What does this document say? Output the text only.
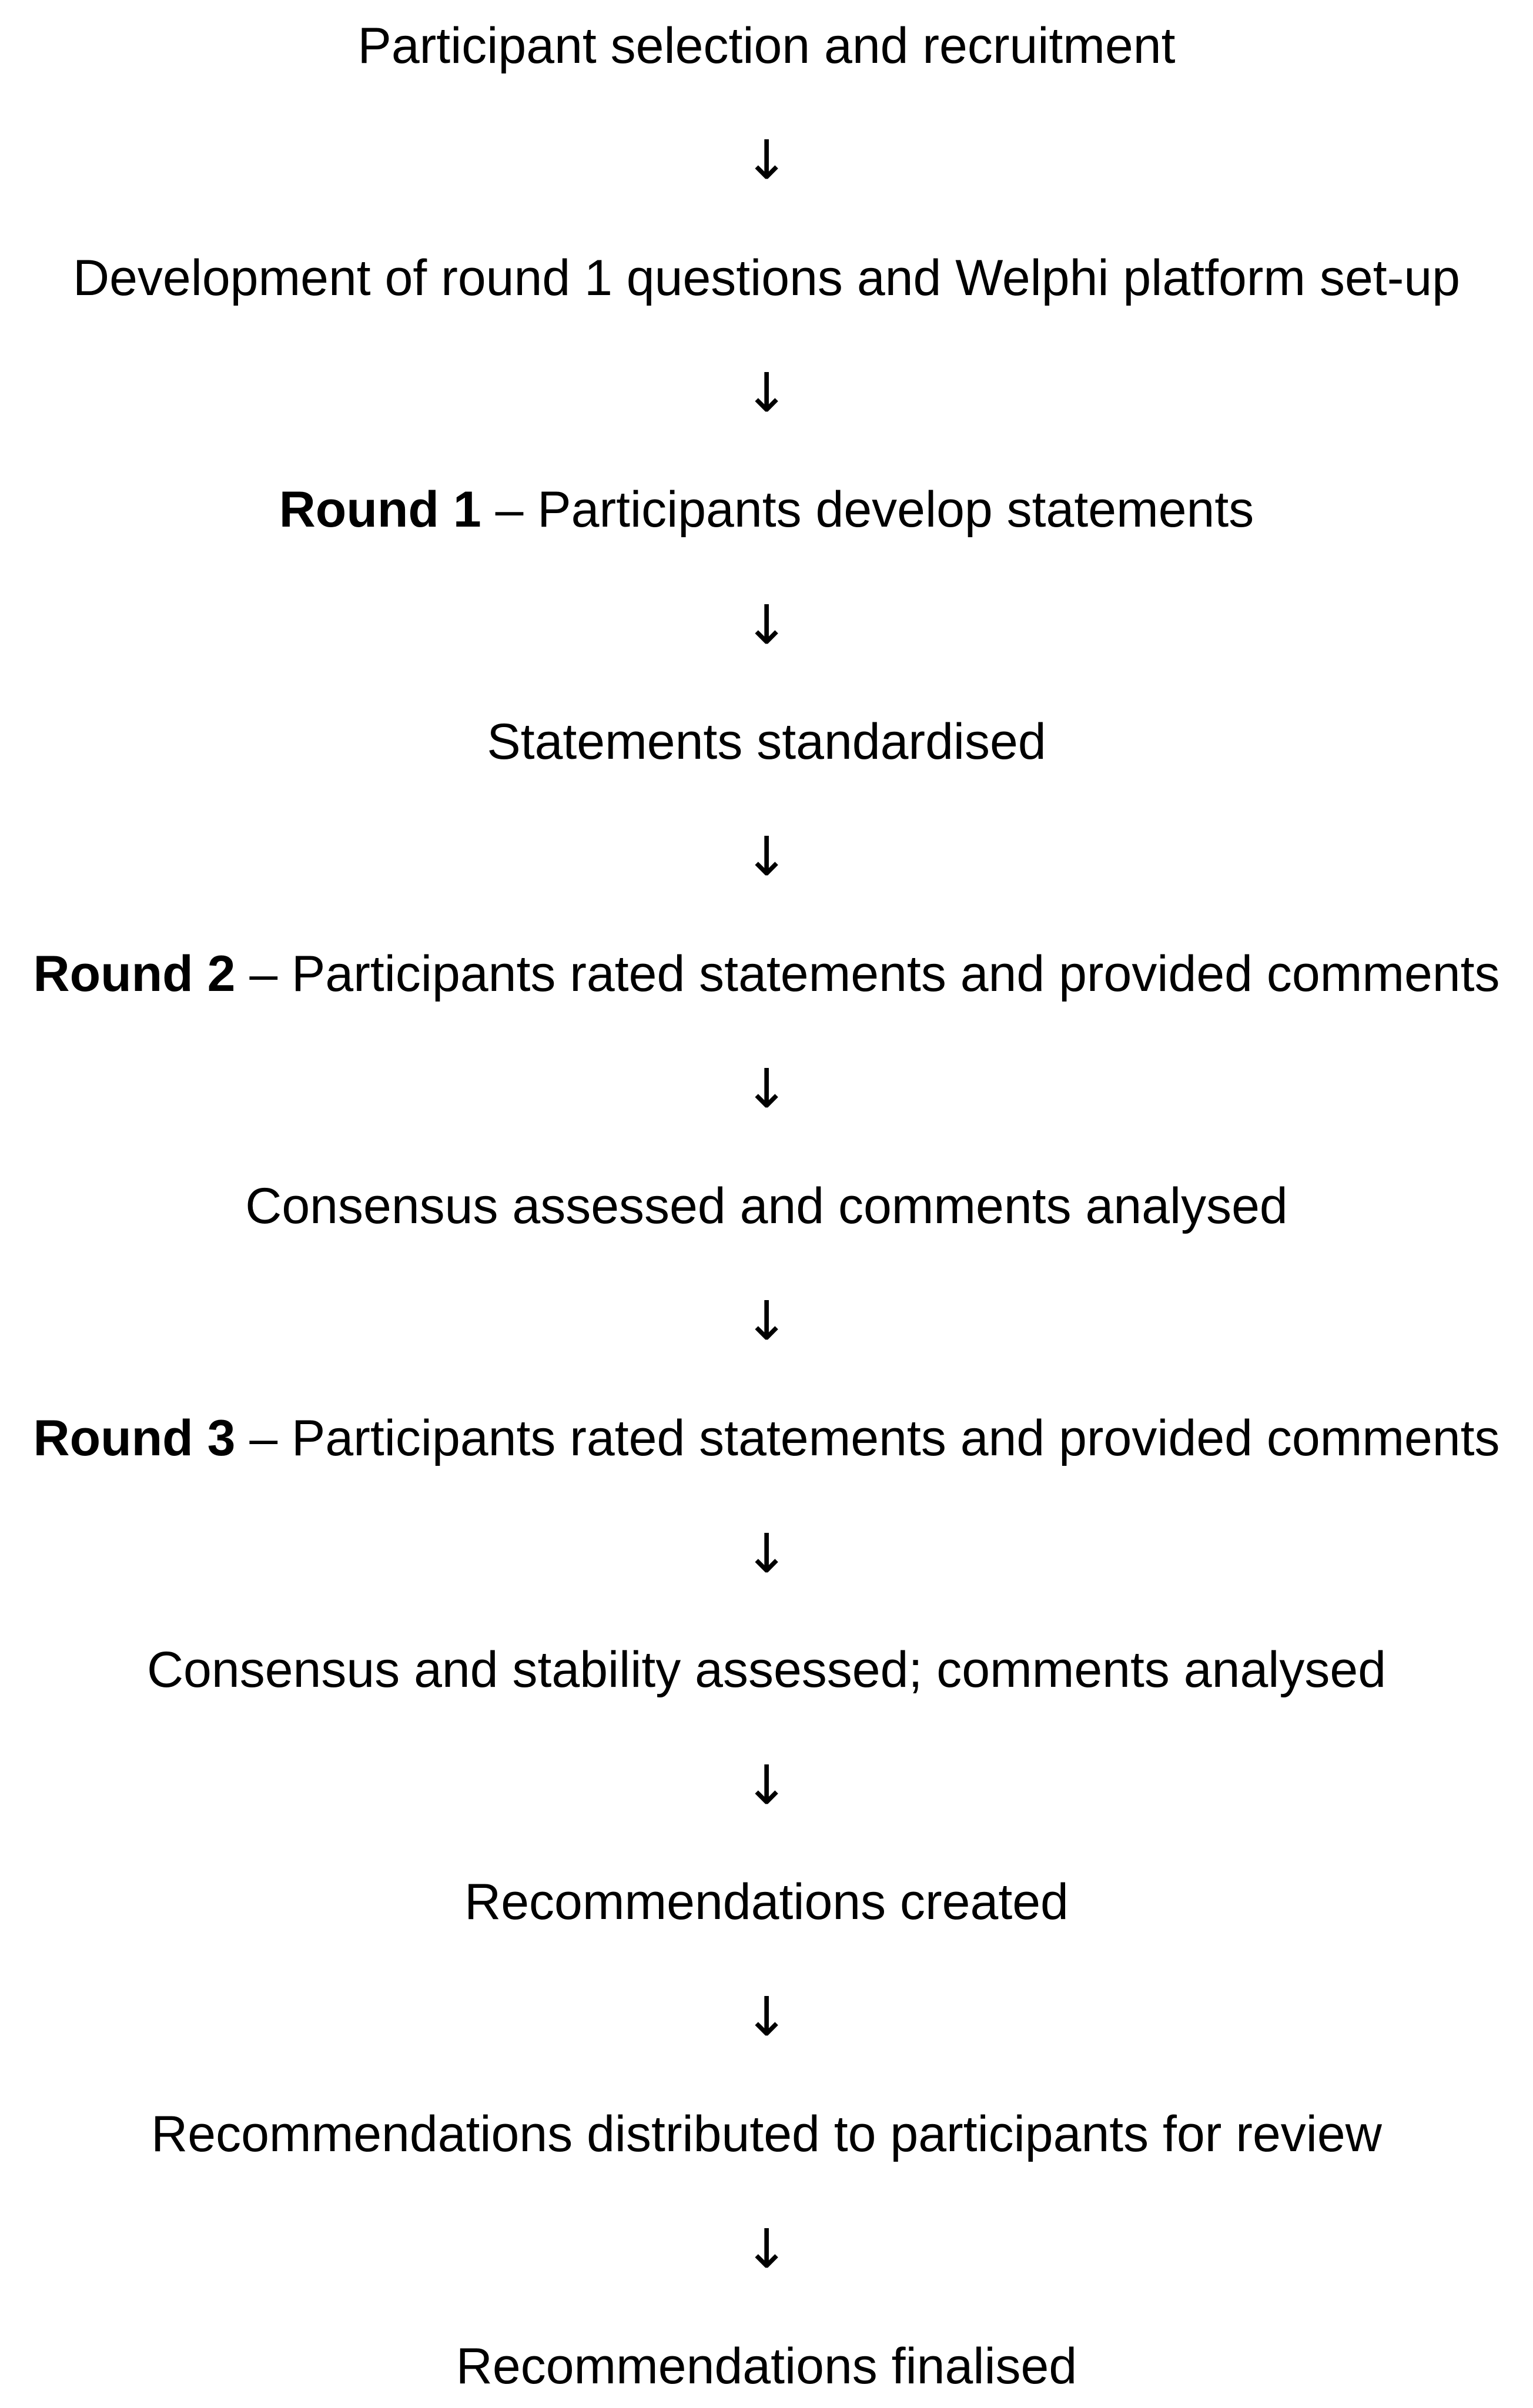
Participant selection and recruitment
↓
Development of round 1 questions and Welphi platform set-up
↓
Round 1 – Participants develop statements
↓
Statements standardised
↓
Round 2 – Participants rated statements and provided comments
↓
Consensus assessed and comments analysed
↓
Round 3 – Participants rated statements and provided comments
↓
Consensus and stability assessed; comments analysed
↓
Recommendations created
↓
Recommendations distributed to participants for review
↓
Recommendations finalised
